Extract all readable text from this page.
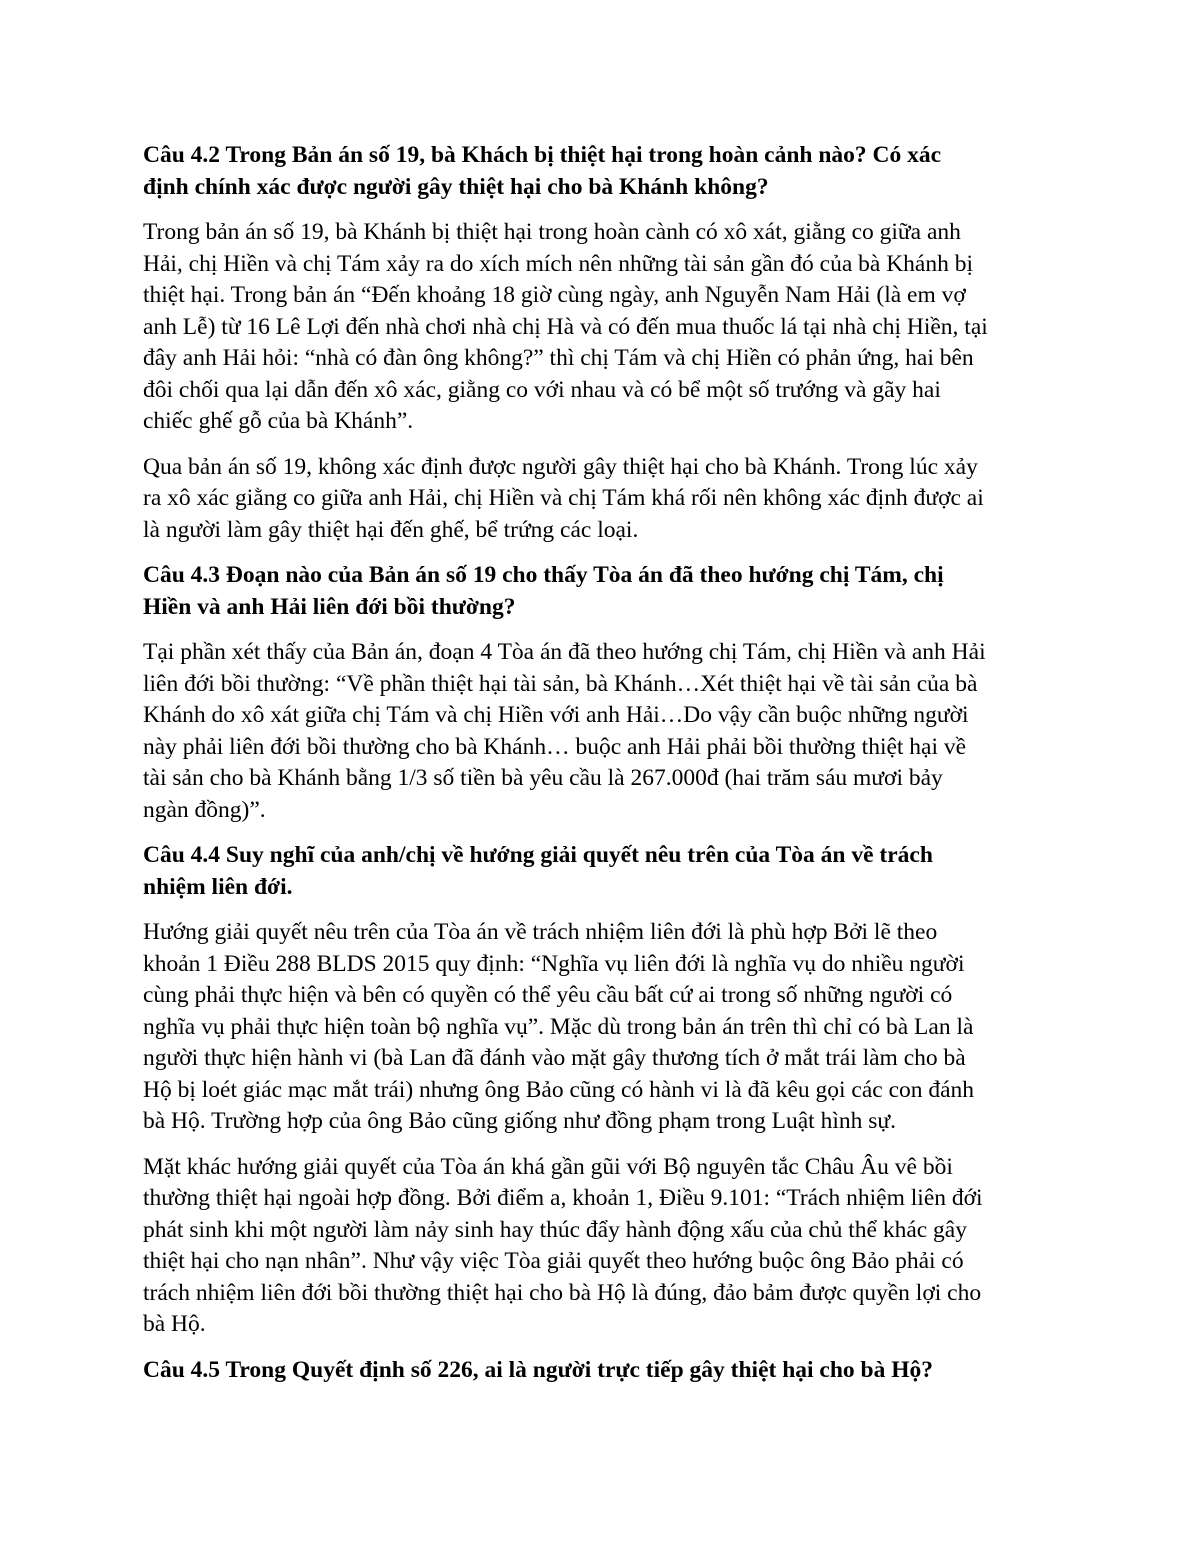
Câu 4.2 Trong Bản án số 19, bà Khách bị thiệt hại trong hoàn cảnh nào? Có xác
định chính xác được người gây thiệt hại cho bà Khánh không?

Trong bản án số 19, bà Khánh bị thiệt hại trong hoàn cành có xô xát, giằng co giữa anh
Hải, chị Hiền và chị Tám xảy ra do xích mích nên những tài sản gần đó của bà Khánh bị
thiệt hại. Trong bản án “Đến khoảng 18 giờ cùng ngày, anh Nguyễn Nam Hải (là em vợ
anh Lễ) từ 16 Lê Lợi đến nhà chơi nhà chị Hà và có đến mua thuốc lá tại nhà chị Hiền, tại
đây anh Hải hỏi: “nhà có đàn ông không?” thì chị Tám và chị Hiền có phản ứng, hai bên
đôi chối qua lại dẫn đến xô xác, giằng co với nhau và có bể một số trướng và gãy hai
chiếc ghế gỗ của bà Khánh”.

Qua bản án số 19, không xác định được người gây thiệt hại cho bà Khánh. Trong lúc xảy
ra xô xác giằng co giữa anh Hải, chị Hiền và chị Tám khá rối nên không xác định được ai
là người làm gây thiệt hại đến ghế, bể trứng các loại.

Câu 4.3 Đoạn nào của Bản án số 19 cho thấy Tòa án đã theo hướng chị Tám, chị
Hiền và anh Hải liên đới bồi thường?

Tại phần xét thấy của Bản án, đoạn 4 Tòa án đã theo hướng chị Tám, chị Hiền và anh Hải
liên đới bồi thường: “Về phần thiệt hại tài sản, bà Khánh…Xét thiệt hại về tài sản của bà
Khánh do xô xát giữa chị Tám và chị Hiền với anh Hải…Do vậy cần buộc những người
này phải liên đới bồi thường cho bà Khánh… buộc anh Hải phải bồi thường thiệt hại về
tài sản cho bà Khánh bằng 1/3 số tiền bà yêu cầu là 267.000đ (hai trăm sáu mươi bảy
ngàn đồng)”.

Câu 4.4 Suy nghĩ của anh/chị về hướng giải quyết nêu trên của Tòa án về trách
nhiệm liên đới.

Hướng giải quyết nêu trên của Tòa án về trách nhiệm liên đới là phù hợp Bởi lẽ theo
khoản 1 Điều 288 BLDS 2015 quy định: “Nghĩa vụ liên đới là nghĩa vụ do nhiều người
cùng phải thực hiện và bên có quyền có thể yêu cầu bất cứ ai trong số những người có
nghĩa vụ phải thực hiện toàn bộ nghĩa vụ”. Mặc dù trong bản án trên thì chỉ có bà Lan là
người thực hiện hành vi (bà Lan đã đánh vào mặt gây thương tích ở mắt trái làm cho bà
Hộ bị loét giác mạc mắt trái) nhưng ông Bảo cũng có hành vi là đã kêu gọi các con đánh
bà Hộ. Trường hợp của ông Bảo cũng giống như đồng phạm trong Luật hình sự.

Mặt khác hướng giải quyết của Tòa án khá gần gũi với Bộ nguyên tắc Châu Âu vê bồi
thường thiệt hại ngoài hợp đồng. Bởi điểm a, khoản 1, Điều 9.101: “Trách nhiệm liên đới
phát sinh khi một người làm nảy sinh hay thúc đẩy hành động xấu của chủ thể khác gây
thiệt hại cho nạn nhân”. Như vậy việc Tòa giải quyết theo hướng buộc ông Bảo phải có
trách nhiệm liên đới bồi thường thiệt hại cho bà Hộ là đúng, đảo bảm được quyền lợi cho
bà Hộ.

Câu 4.5 Trong Quyết định số 226, ai là người trực tiếp gây thiệt hại cho bà Hộ?
